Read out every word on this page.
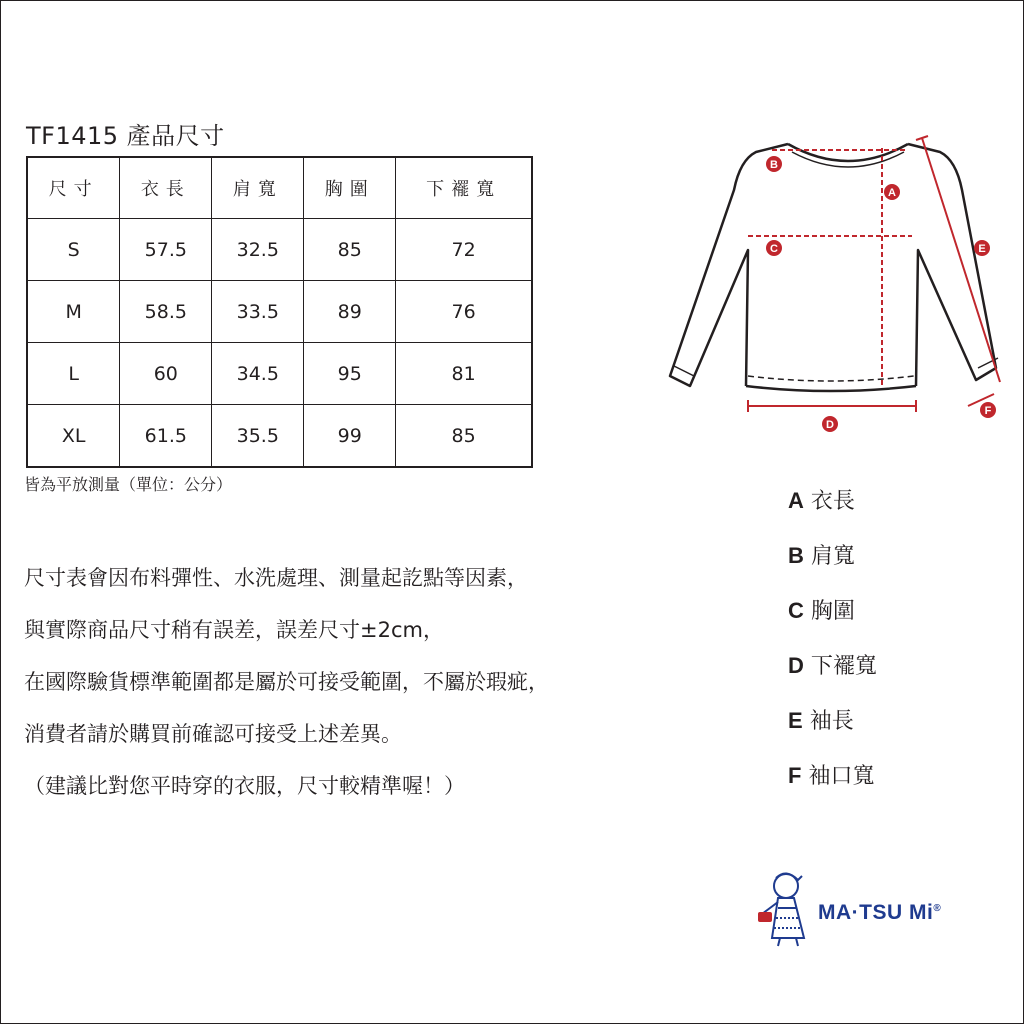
TF1415 產品尺寸
尺寸	衣長	肩寬	胸圍	下襬寬
S	57.5	32.5	85	72
M	58.5	33.5	89	76
L	60	34.5	95	81
XL	61.5	35.5	99	85
皆為平放測量（單位：公分）
尺寸表會因布料彈性、水洗處理、測量起訖點等因素，
與實際商品尺寸稍有誤差，誤差尺寸±2cm，
在國際驗貨標準範圍都是屬於可接受範圍，不屬於瑕疵，
消費者請於購買前確認可接受上述差異。
（建議比對您平時穿的衣服，尺寸較精準喔！）
B
A
C	E
F
D
A 衣長
B 肩寬
C 胸圍
D 下襬寬
E 袖長
F 袖口寬
MA·TSU Mi®
